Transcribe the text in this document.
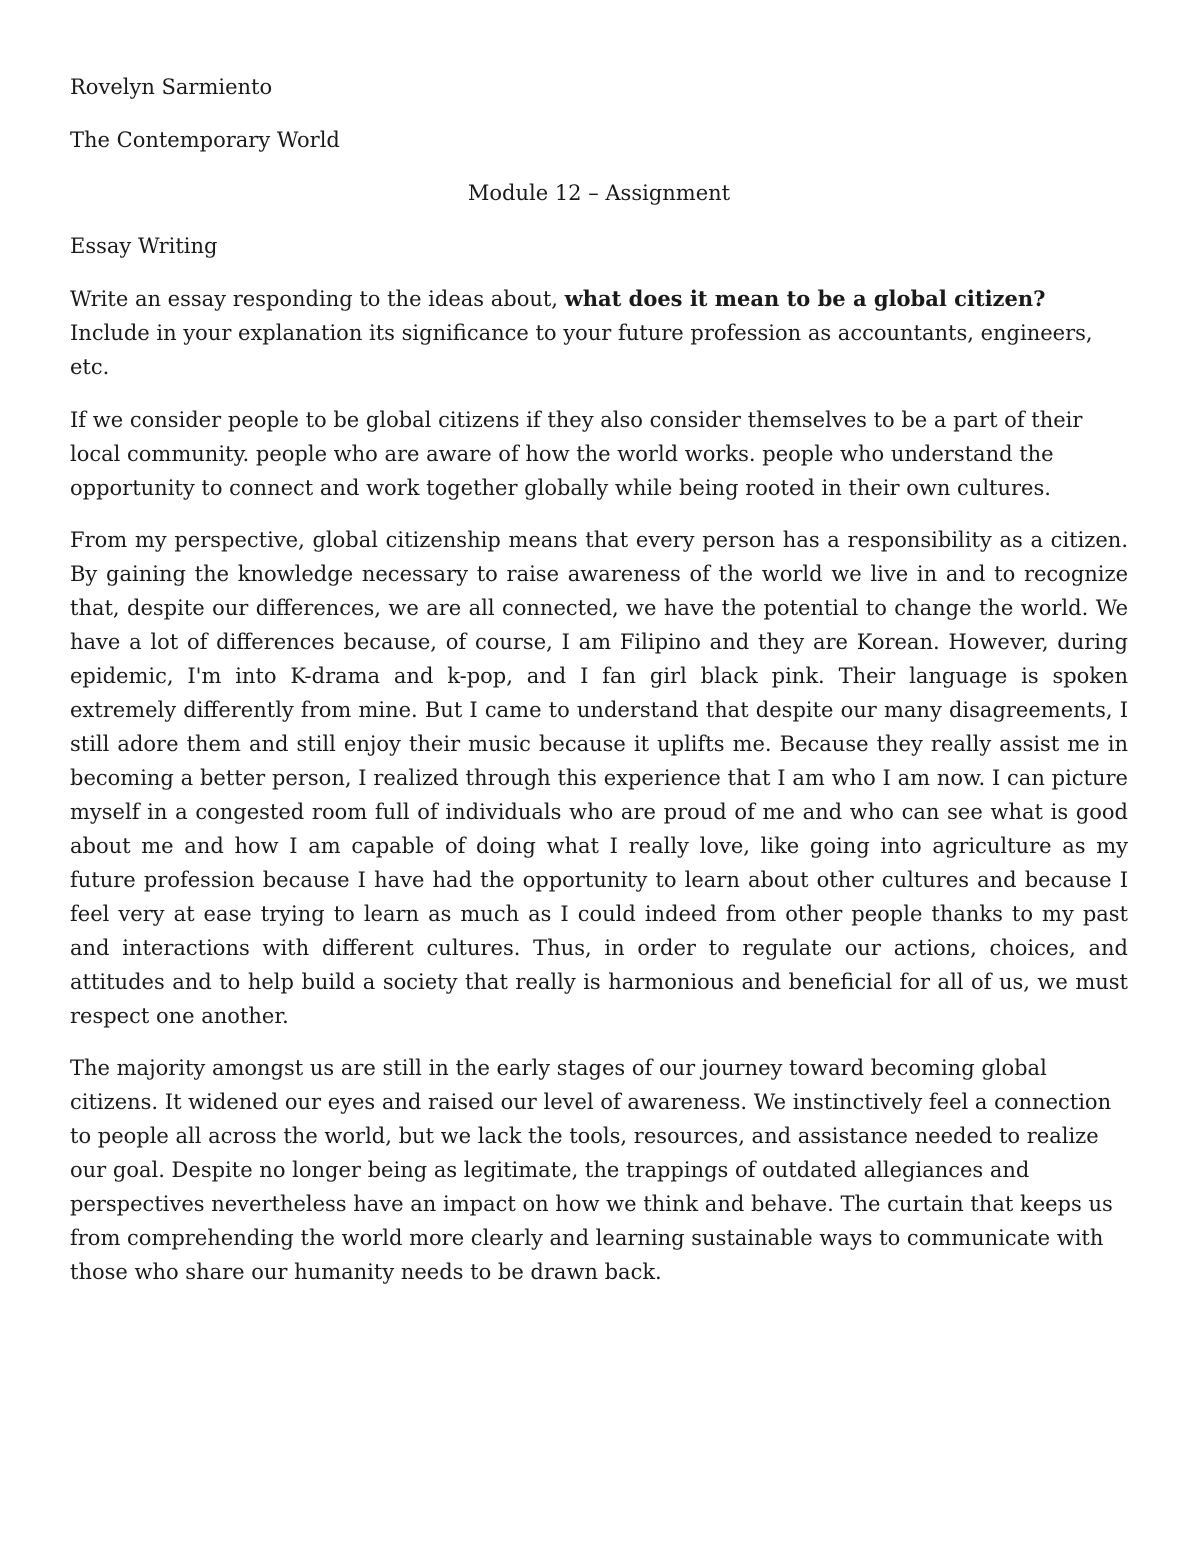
Rovelyn Sarmiento

The Contemporary World

Module 12 – Assignment

Essay Writing

Write an essay responding to the ideas about, what does it mean to be a global citizen? Include in your explanation its significance to your future profession as accountants, engineers, etc.

If we consider people to be global citizens if they also consider themselves to be a part of their local community. people who are aware of how the world works. people who understand the opportunity to connect and work together globally while being rooted in their own cultures.

From my perspective, global citizenship means that every person has a responsibility as a citizen. By gaining the knowledge necessary to raise awareness of the world we live in and to recognize that, despite our differences, we are all connected, we have the potential to change the world. We have a lot of differences because, of course, I am Filipino and they are Korean. However, during epidemic, I'm into K-drama and k-pop, and I fan girl black pink. Their language is spoken extremely differently from mine. But I came to understand that despite our many disagreements, I still adore them and still enjoy their music because it uplifts me. Because they really assist me in becoming a better person, I realized through this experience that I am who I am now. I can picture myself in a congested room full of individuals who are proud of me and who can see what is good about me and how I am capable of doing what I really love, like going into agriculture as my future profession because I have had the opportunity to learn about other cultures and because I feel very at ease trying to learn as much as I could indeed from other people thanks to my past and interactions with different cultures. Thus, in order to regulate our actions, choices, and attitudes and to help build a society that really is harmonious and beneficial for all of us, we must respect one another.

The majority amongst us are still in the early stages of our journey toward becoming global citizens. It widened our eyes and raised our level of awareness. We instinctively feel a connection to people all across the world, but we lack the tools, resources, and assistance needed to realize our goal. Despite no longer being as legitimate, the trappings of outdated allegiances and perspectives nevertheless have an impact on how we think and behave. The curtain that keeps us from comprehending the world more clearly and learning sustainable ways to communicate with those who share our humanity needs to be drawn back.
